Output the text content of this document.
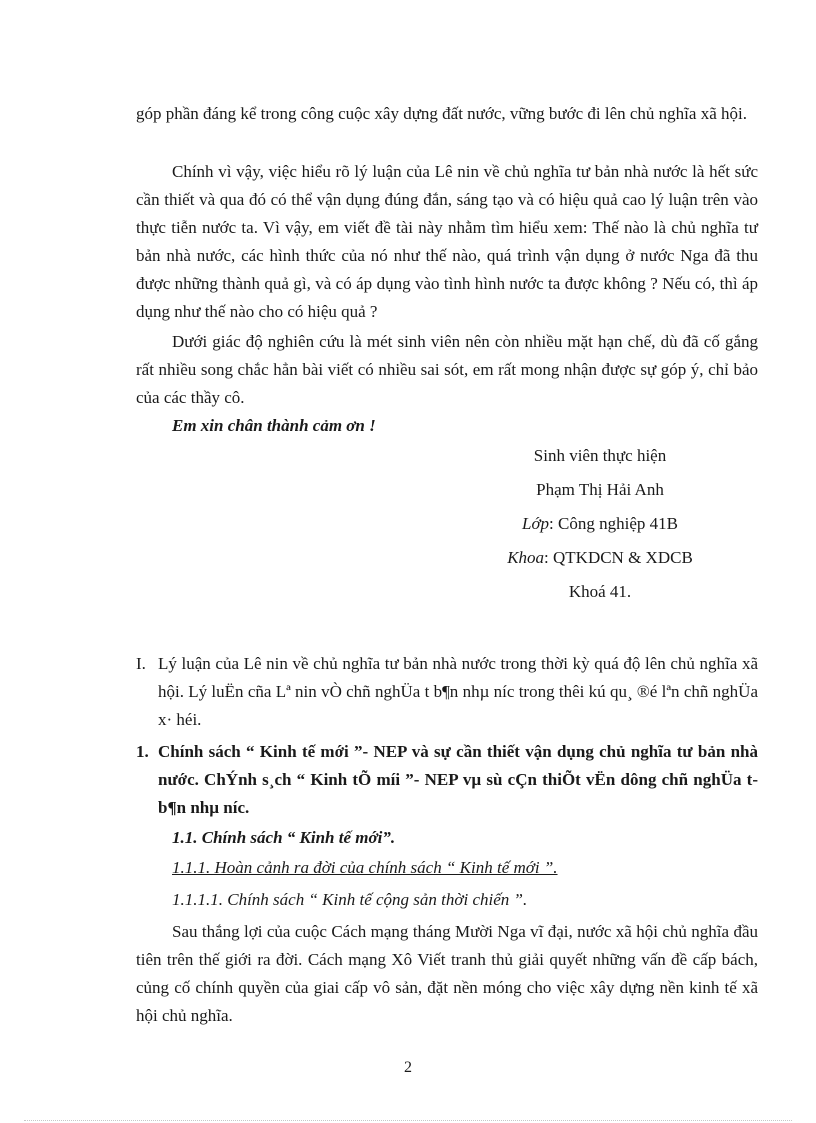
góp phần đáng kể trong công cuộc xây dựng đất nước, vững bước đi lên chủ nghĩa xã hội.

Chính vì vậy, việc hiểu rõ lý luận của Lê nin về chủ nghĩa tư bản nhà nước là hết sức cần thiết và qua đó có thể vận dụng đúng đắn, sáng tạo và có hiệu quả cao lý luận trên vào thực tiễn nước ta. Vì vậy, em viết đề tài này nhằm tìm hiểu xem: Thế nào là chủ nghĩa tư bản nhà nước, các hình thức của nó như thế nào, quá trình vận dụng ở nước Nga đã thu được những thành quả gì, và có áp dụng vào tình hình nước ta được không ? Nếu có, thì áp dụng như thế nào cho có hiệu quả ?

Dưới giác độ nghiên cứu là mét sinh viên nên còn nhiều mặt hạn chế, dù đã cố gắng rất nhiều song chắc hẳn bài viết có nhiều sai sót, em rất mong nhận được sự góp ý, chỉ bảo của các thầy cô.

Em xin chân thành cảm ơn !

Sinh viên thực hiện

Phạm Thị Hải Anh

Lớp: Công nghiệp 41B

Khoa: QTKDCN & XDCB

Khoá 41.

I. Lý luận của Lê nin về chủ nghĩa tư bản nhà nước trong thời kỳ quá độ lên chủ nghĩa xã hội. Lý luËn cña Lª nin vÒ chñ nghÜa t b¶n nhµ níc trong thêi kú qu¸ ®é lªn chñ nghÜa x· héi.
1. Chính sách “ Kinh tế mới ”- NEP và sự cần thiết vận dụng chủ nghĩa tư bản nhà nước. ChÝnh s¸ch “ Kinh tÕ míi ”- NEP vµ sù cÇn thiÕt vËn dông chñ nghÜa t b¶n nhµ níc.

1.1. Chính sách “ Kinh tế mới”.

1.1.1. Hoàn cảnh ra đời của chính sách “ Kinh tế mới ”.

1.1.1.1. Chính sách “ Kinh tế cộng sản thời chiến ”.

Sau thắng lợi của cuộc Cách mạng tháng Mười Nga vĩ đại, nước xã hội chủ nghĩa đầu tiên trên thế giới ra đời. Cách mạng Xô Viết tranh thủ giải quyết những vấn đề cấp bách, củng cố chính quyền của giai cấp vô sản, đặt nền móng cho việc xây dựng nền kinh tế xã hội chủ nghĩa.

2
